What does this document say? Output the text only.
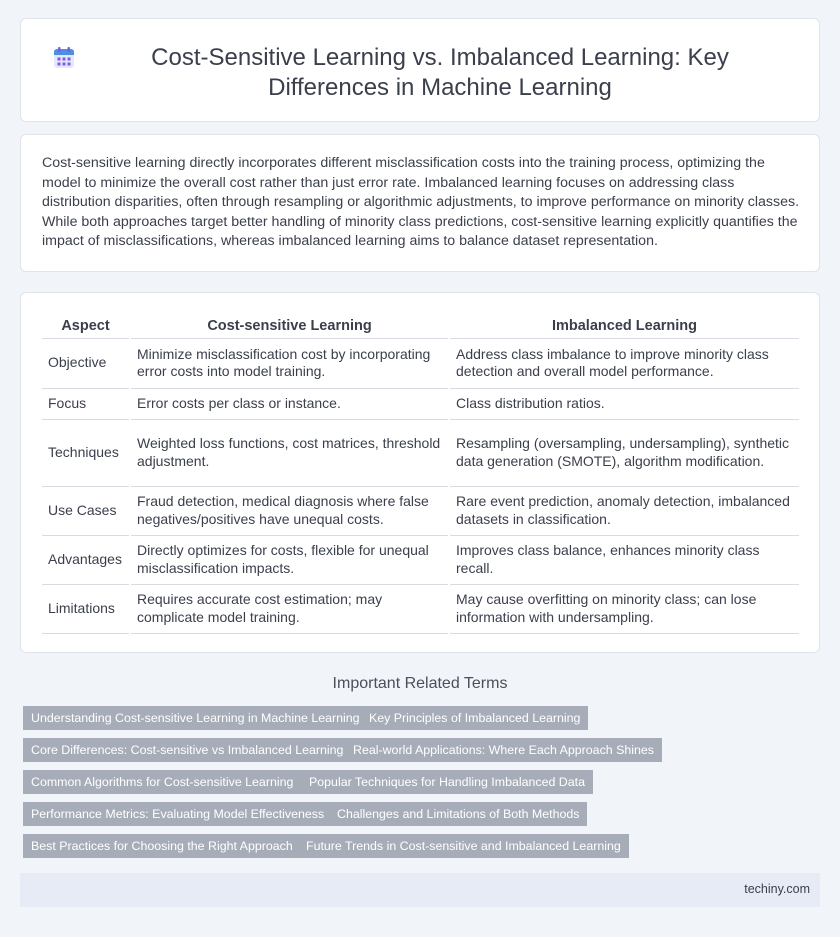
Cost-Sensitive Learning vs. Imbalanced Learning: Key Differences in Machine Learning

Cost-sensitive learning directly incorporates different misclassification costs into the training process, optimizing the model to minimize the overall cost rather than just error rate. Imbalanced learning focuses on addressing class distribution disparities, often through resampling or algorithmic adjustments, to improve performance on minority classes. While both approaches target better handling of minority class predictions, cost-sensitive learning explicitly quantifies the impact of misclassifications, whereas imbalanced learning aims to balance dataset representation.

Aspect	Cost-sensitive Learning	Imbalanced Learning
Objective	Minimize misclassification cost by incorporating error costs into model training.	Address class imbalance to improve minority class detection and overall model performance.
Focus	Error costs per class or instance.	Class distribution ratios.
Techniques	Weighted loss functions, cost matrices, threshold adjustment.	Resampling (oversampling, undersampling), synthetic data generation (SMOTE), algorithm modification.
Use Cases	Fraud detection, medical diagnosis where false negatives/positives have unequal costs.	Rare event prediction, anomaly detection, imbalanced datasets in classification.
Advantages	Directly optimizes for costs, flexible for unequal misclassification impacts.	Improves class balance, enhances minority class recall.
Limitations	Requires accurate cost estimation; may complicate model training.	May cause overfitting on minority class; can lose information with undersampling.
Important Related Terms
Understanding Cost-sensitive Learning in Machine Learning Key Principles of Imbalanced Learning
Core Differences: Cost-sensitive vs Imbalanced Learning Real-world Applications: Where Each Approach Shines
Common Algorithms for Cost-sensitive Learning	Popular Techniques for Handling Imbalanced Data
Performance Metrics: Evaluating Model Effectiveness	Challenges and Limitations of Both Methods
Best Practices for Choosing the Right Approach	Future Trends in Cost-sensitive and Imbalanced Learning
techiny.com
